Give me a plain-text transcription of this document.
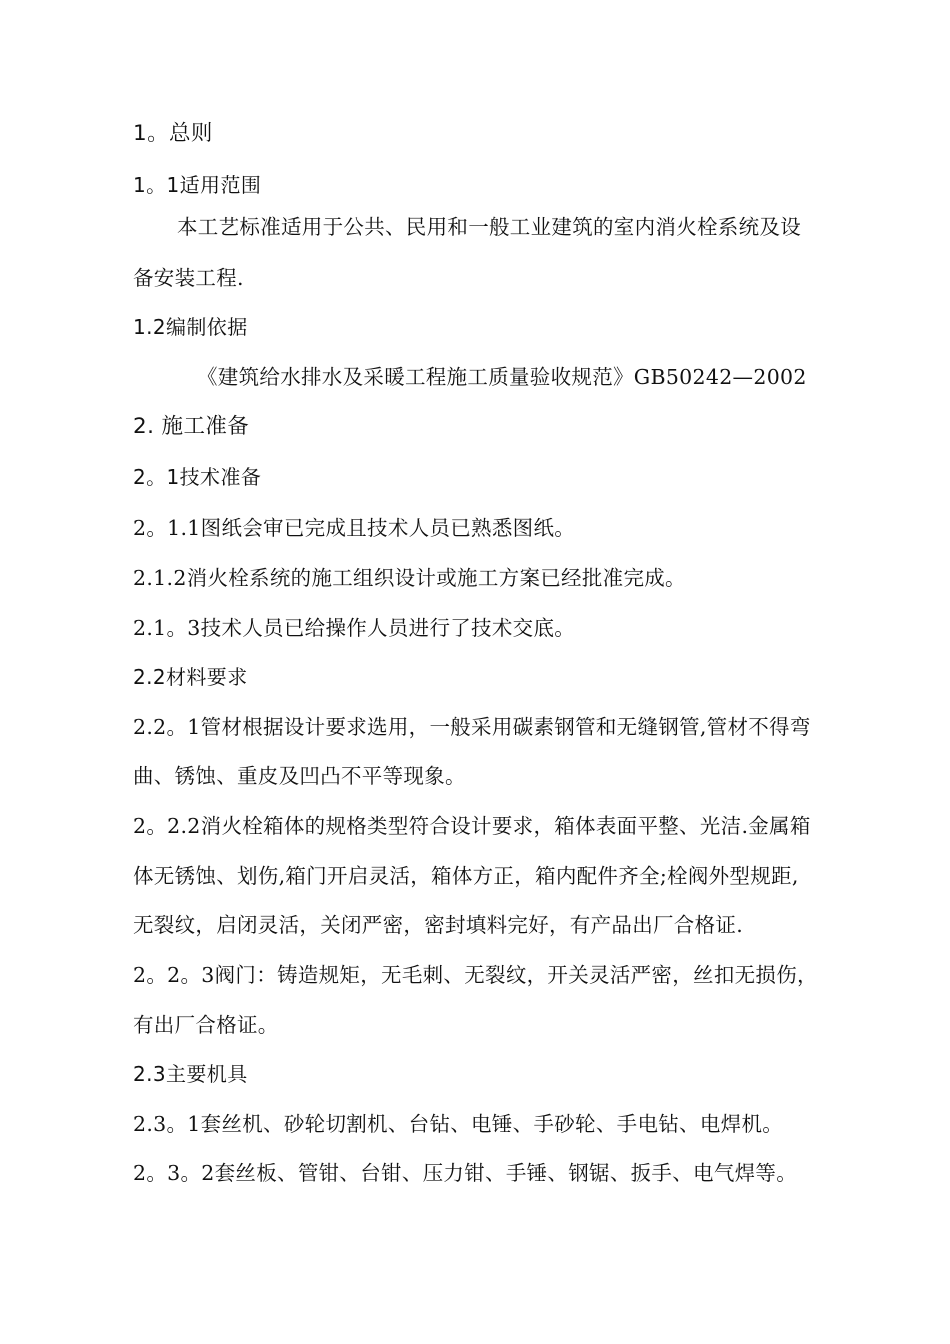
1。总则
1。1适用范围
本工艺标准适用于公共、民用和一般工业建筑的室内消火栓系统及设
备安装工程.
1.2编制依据
《建筑给水排水及采暖工程施工质量验收规范》GB50242—2002
2. 施工准备
2。1技术准备
2。1.1图纸会审已完成且技术人员已熟悉图纸。
2.1.2消火栓系统的施工组织设计或施工方案已经批准完成。
2.1。3技术人员已给操作人员进行了技术交底。
2.2材料要求
2.2。1管材根据设计要求选用，一般采用碳素钢管和无缝钢管,管材不得弯
曲、锈蚀、重皮及凹凸不平等现象。
2。2.2消火栓箱体的规格类型符合设计要求，箱体表面平整、光洁.金属箱
体无锈蚀、划伤,箱门开启灵活，箱体方正，箱内配件齐全;栓阀外型规距,
无裂纹，启闭灵活，关闭严密，密封填料完好，有产品出厂合格证.
2。2。3阀门：铸造规矩，无毛刺、无裂纹，开关灵活严密，丝扣无损伤，
有出厂合格证。
2.3主要机具
2.3。1套丝机、砂轮切割机、台钻、电锤、手砂轮、手电钻、电焊机。
2。3。2套丝板、管钳、台钳、压力钳、手锤、钢锯、扳手、电气焊等。
